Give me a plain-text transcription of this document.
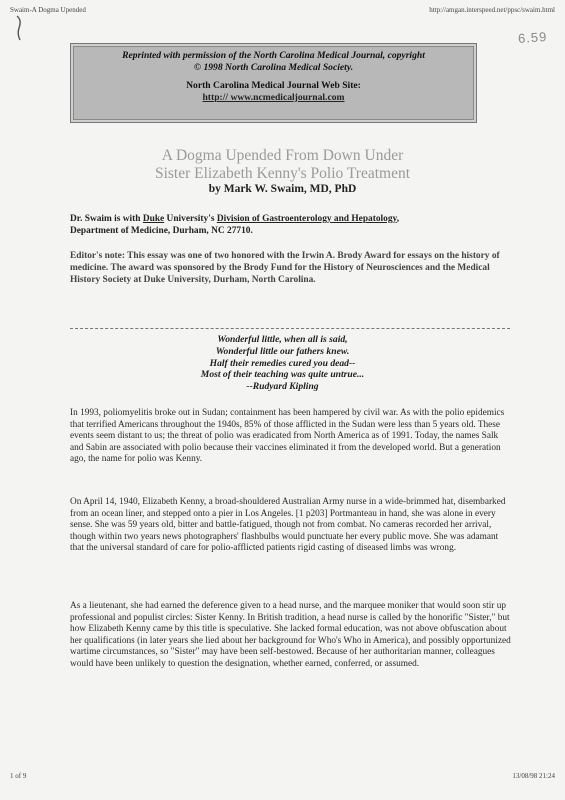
Swaim-A Dogma Upended	http://amgan.interspeed.net/ppsc/swaim.html
6.59
Reprinted with permission of the North Carolina Medical Journal, copyright
© 1998 North Carolina Medical Society.
North Carolina Medical Journal Web Site:
http:// www.ncmedicaljournal.com
A Dogma Upended From Down Under
Sister Elizabeth Kenny's Polio Treatment
by Mark W. Swaim, MD, PhD
Dr. Swaim is with Duke University's Division of Gastroenterology and Hepatology,
Department of Medicine, Durham, NC 27710.
Editor's note: This essay was one of two honored with the Irwin A. Brody Award for essays on the history of medicine. The award was sponsored by the Brody Fund for the History of Neurosciences and the Medical History Society at Duke University, Durham, North Carolina.
Wonderful little, when all is said,
Wonderful little our fathers knew.
Half their remedies cured you dead--
Most of their teaching was quite untrue...
--Rudyard Kipling
In 1993, poliomyelitis broke out in Sudan; containment has been hampered by civil war. As with the polio epidemics that terrified Americans throughout the 1940s, 85% of those afflicted in the Sudan were less than 5 years old. These events seem distant to us; the threat of polio was eradicated from North America as of 1991. Today, the names Salk and Sabin are associated with polio because their vaccines eliminated it from the developed world. But a generation ago, the name for polio was Kenny.
On April 14, 1940, Elizabeth Kenny, a broad-shouldered Australian Army nurse in a wide-brimmed hat, disembarked from an ocean liner, and stepped onto a pier in Los Angeles. [1 p203] Portmanteau in hand, she was alone in every sense. She was 59 years old, bitter and battle-fatigued, though not from combat. No cameras recorded her arrival, though within two years news photographers' flashbulbs would punctuate her every public move. She was adamant that the universal standard of care for polio-afflicted patients rigid casting of diseased limbs was wrong.
As a lieutenant, she had earned the deference given to a head nurse, and the marquee moniker that would soon stir up professional and populist circles: Sister Kenny. In British tradition, a head nurse is called by the honorific "Sister," but how Elizabeth Kenny came by this title is speculative. She lacked formal education, was not above obfuscation about her qualifications (in later years she lied about her background for Who's Who in America), and possibly opportunized wartime circumstances, so "Sister" may have been self-bestowed. Because of her authoritarian manner, colleagues would have been unlikely to question the designation, whether earned, conferred, or assumed.
1 of 9	13/08/98 21:24
